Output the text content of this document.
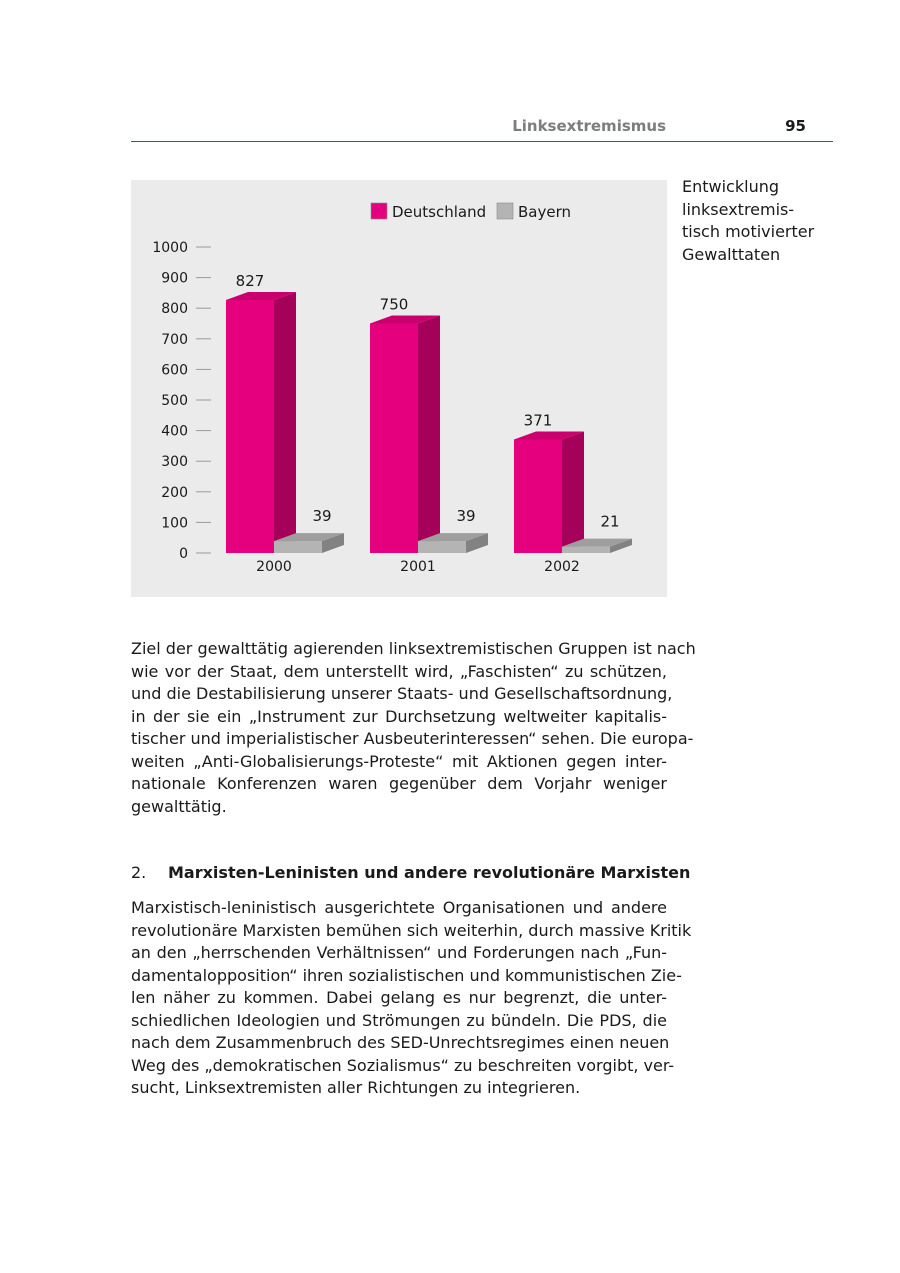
Linksextremismus	95
Deutschland Bayern
0
100
200
300
400
500
600
700
800
900
1000
827
39
750
39
371
21
2000	2001	2002
Entwicklung
linksextremis-
tisch motivierter
Gewalttaten
Ziel der gewalttätig agierenden linksextremistischen Gruppen ist nach
wie vor der Staat, dem unterstellt wird, „Faschisten“ zu schützen,
und die Destabilisierung unserer Staats- und Gesellschaftsordnung,
in der sie ein „Instrument zur Durchsetzung weltweiter kapitalis-
tischer und imperialistischer Ausbeuterinteressen“ sehen. Die europa-
weiten „Anti-Globalisierungs-Proteste“ mit Aktionen gegen inter-
nationale Konferenzen waren gegenüber dem Vorjahr weniger
gewalttätig.
2. Marxisten-Leninisten und andere revolutionäre Marxisten
Marxistisch-leninistisch ausgerichtete Organisationen und andere
revolutionäre Marxisten bemühen sich weiterhin, durch massive Kritik
an den „herrschenden Verhältnissen“ und Forderungen nach „Fun-
damentalopposition“ ihren sozialistischen und kommunistischen Zie-
len näher zu kommen. Dabei gelang es nur begrenzt, die unter-
schiedlichen Ideologien und Strömungen zu bündeln. Die PDS, die
nach dem Zusammenbruch des SED-Unrechtsregimes einen neuen
Weg des „demokratischen Sozialismus“ zu beschreiten vorgibt, ver-
sucht, Linksextremisten aller Richtungen zu integrieren.
